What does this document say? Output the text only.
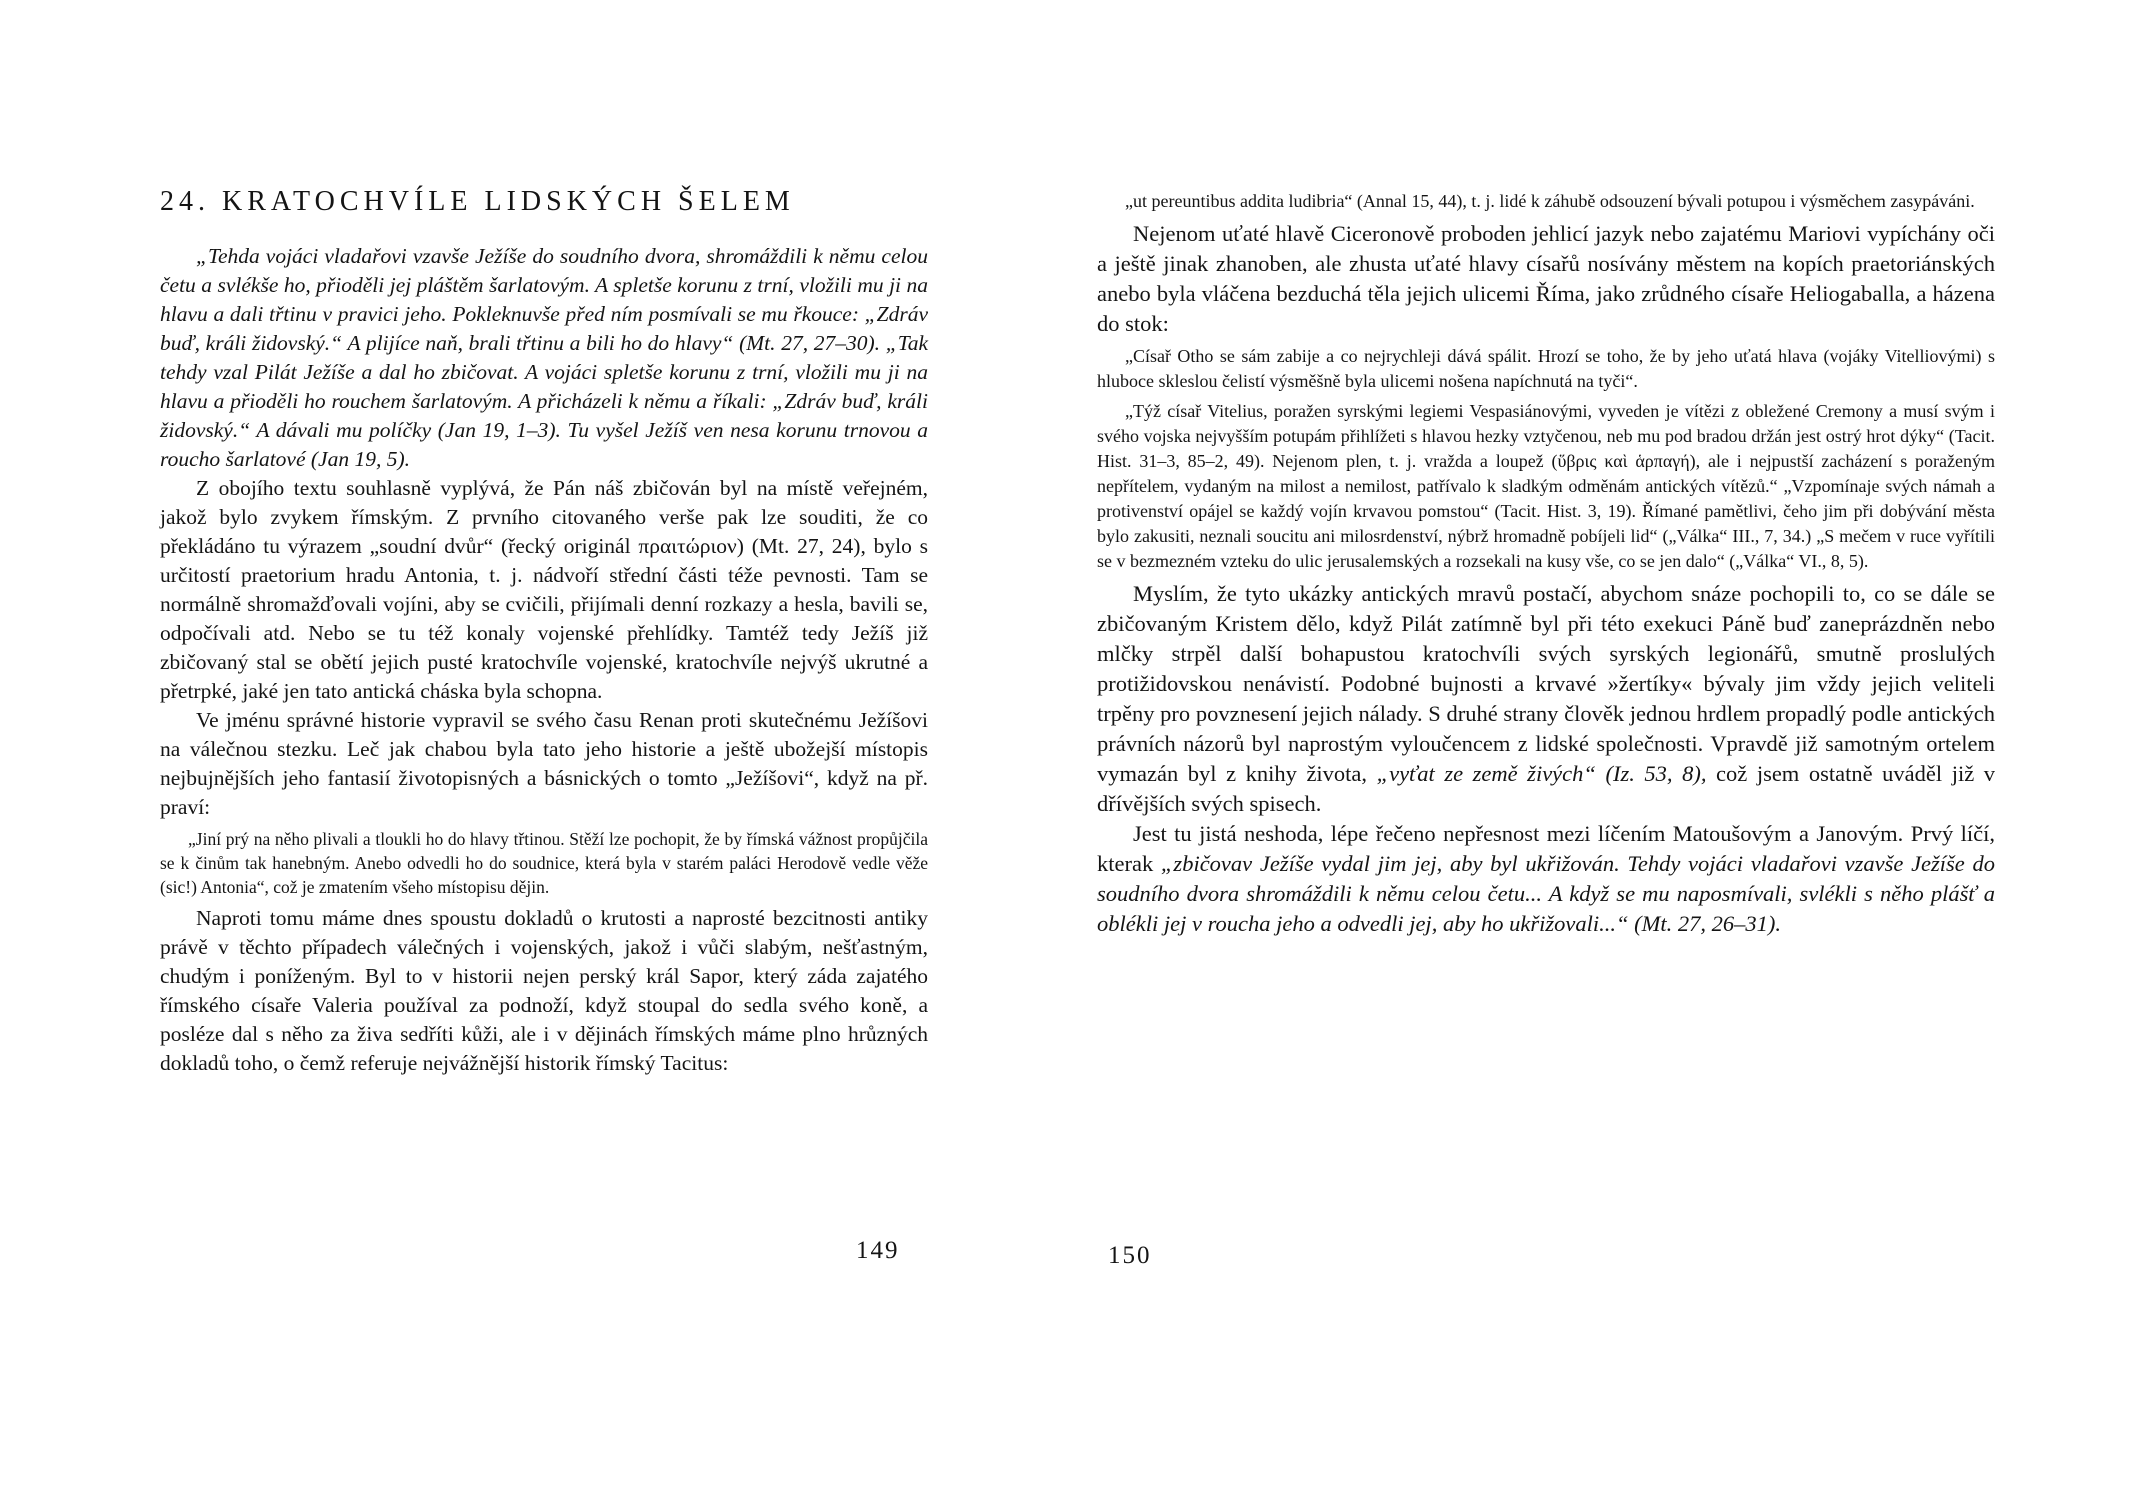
24. KRATOCHVÍLE LIDSKÝCH ŠELEM

„Tehda vojáci vladařovi vzavše Ježíše do soudního dvora, shromáždili k němu celou četu a svlékše ho, přioděli jej pláštěm šarlatovým. A spletše korunu z trní, vložili mu ji na hlavu a dali třtinu v pravici jeho. Pokleknuvše před ním posmívali se mu řkouce: „Zdráv buď, králi židovský.“ A plijíce naň, brali třtinu a bili ho do hlavy“ (Mt. 27, 27–30). „Tak tehdy vzal Pilát Ježíše a dal ho zbičovat. A vojáci spletše korunu z trní, vložili mu ji na hlavu a přioděli ho rouchem šarlatovým. A přicházeli k němu a říkali: „Zdráv buď, králi židovský.“ A dávali mu políčky (Jan 19, 1–3). Tu vyšel Ježíš ven nesa korunu trnovou a roucho šarlatové (Jan 19, 5).

Z obojího textu souhlasně vyplývá, že Pán náš zbičován byl na místě veřejném, jakož bylo zvykem římským. Z prvního citovaného verše pak lze souditi, že co překládáno tu výrazem „soudní dvůr“ (řecký originál πραιτώριον) (Mt. 27, 24), bylo s určitostí praetorium hradu Antonia, t. j. nádvoří střední části téže pevnosti. Tam se normálně shromažďovali vojíni, aby se cvičili, přijímali denní rozkazy a hesla, bavili se, odpočívali atd. Nebo se tu též konaly vojenské přehlídky. Tamtéž tedy Ježíš již zbičovaný stal se obětí jejich pusté kratochvíle vojenské, kratochvíle nejvýš ukrutné a přetrpké, jaké jen tato antická cháska byla schopna.

Ve jménu správné historie vypravil se svého času Renan proti skutečnému Ježíšovi na válečnou stezku. Leč jak chabou byla tato jeho historie a ještě ubožejší místopis nejbujnějších jeho fantasií životopisných a básnických o tomto „Ježíšovi“, když na př. praví:

„Jiní prý na něho plivali a tloukli ho do hlavy třtinou. Stěží lze pochopit, že by římská vážnost propůjčila se k činům tak hanebným. Anebo odvedli ho do soudnice, která byla v starém paláci Herodově vedle věže (sic!) Antonia“, což je zmatením všeho místopisu dějin.

Naproti tomu máme dnes spoustu dokladů o krutosti a naprosté bezcitnosti antiky právě v těchto případech válečných i vojenských, jakož i vůči slabým, nešťastným, chudým i poníženým. Byl to v historii nejen perský král Sapor, který záda zajatého římského císaře Valeria používal za podnoží, když stoupal do sedla svého koně, a posléze dal s něho za živa sedříti kůži, ale i v dějinách římských máme plno hrůzných dokladů toho, o čemž referuje nejvážnější historik římský Tacitus:

„ut pereuntibus addita ludibria“ (Annal 15, 44), t. j. lidé k záhubě odsouzení bývali potupou i výsměchem zasypáváni.

Nejenom uťaté hlavě Ciceronově proboden jehlicí jazyk nebo zajatému Mariovi vypíchány oči a ještě jinak zhanoben, ale zhusta uťaté hlavy císařů nosívány městem na kopích praetoriánských anebo byla vláčena bezduchá těla jejich ulicemi Říma, jako zrůdného císaře Heliogaballa, a házena do stok:

„Císař Otho se sám zabije a co nejrychleji dává spálit. Hrozí se toho, že by jeho uťatá hlava (vojáky Vitelliovými) s hluboce skleslou čelistí výsměšně byla ulicemi nošena napíchnutá na tyči“.

„Týž císař Vitelius, poražen syrskými legiemi Vespasiánovými, vyveden je vítězi z obležené Cremony a musí svým i svého vojska nejvyšším potupám přihlížeti s hlavou hezky vztyčenou, neb mu pod bradou držán jest ostrý hrot dýky“ (Tacit. Hist. 31–3, 85–2, 49). Nejenom plen, t. j. vražda a loupež (ὕβρις καὶ ἁρπαγή), ale i nejpustší zacházení s poraženým nepřítelem, vydaným na milost a nemilost, patřívalo k sladkým odměnám antických vítězů.“ „Vzpomínaje svých námah a protivenství opájel se každý vojín krvavou pomstou“ (Tacit. Hist. 3, 19). Římané pamětlivi, čeho jim při dobývání města bylo zakusiti, neznali soucitu ani milosrdenství, nýbrž hromadně pobíjeli lid“ („Válka“ III., 7, 34.) „S mečem v ruce vyřítili se v bezmezném vzteku do ulic jerusalemských a rozsekali na kusy vše, co se jen dalo“ („Válka“ VI., 8, 5).

Myslím, že tyto ukázky antických mravů postačí, abychom snáze pochopili to, co se dále se zbičovaným Kristem dělo, když Pilát zatímně byl při této exekuci Páně buď zaneprázdněn nebo mlčky strpěl další bohapustou kratochvíli svých syrských legionářů, smutně proslulých protižidovskou nenávistí. Podobné bujnosti a krvavé »žertíky« bývaly jim vždy jejich veliteli trpěny pro povznesení jejich nálady. S druhé strany člověk jednou hrdlem propadlý podle antických právních názorů byl naprostým vyloučencem z lidské společnosti. Vpravdě již samotným ortelem vymazán byl z knihy života, „vyťat ze země živých“ (Iz. 53, 8), což jsem ostatně uváděl již v dřívějších svých spisech.

Jest tu jistá neshoda, lépe řečeno nepřesnost mezi líčením Matoušovým a Janovým. Prvý líčí, kterak „zbičovav Ježíše vydal jim jej, aby byl ukřižován. Tehdy vojáci vladařovi vzavše Ježíše do soudního dvora shromáždili k němu celou četu... A když se mu naposmívali, svlékli s něho plášť a oblékli jej v roucha jeho a odvedli jej, aby ho ukřižovali...“ (Mt. 27, 26–31).

149	150
